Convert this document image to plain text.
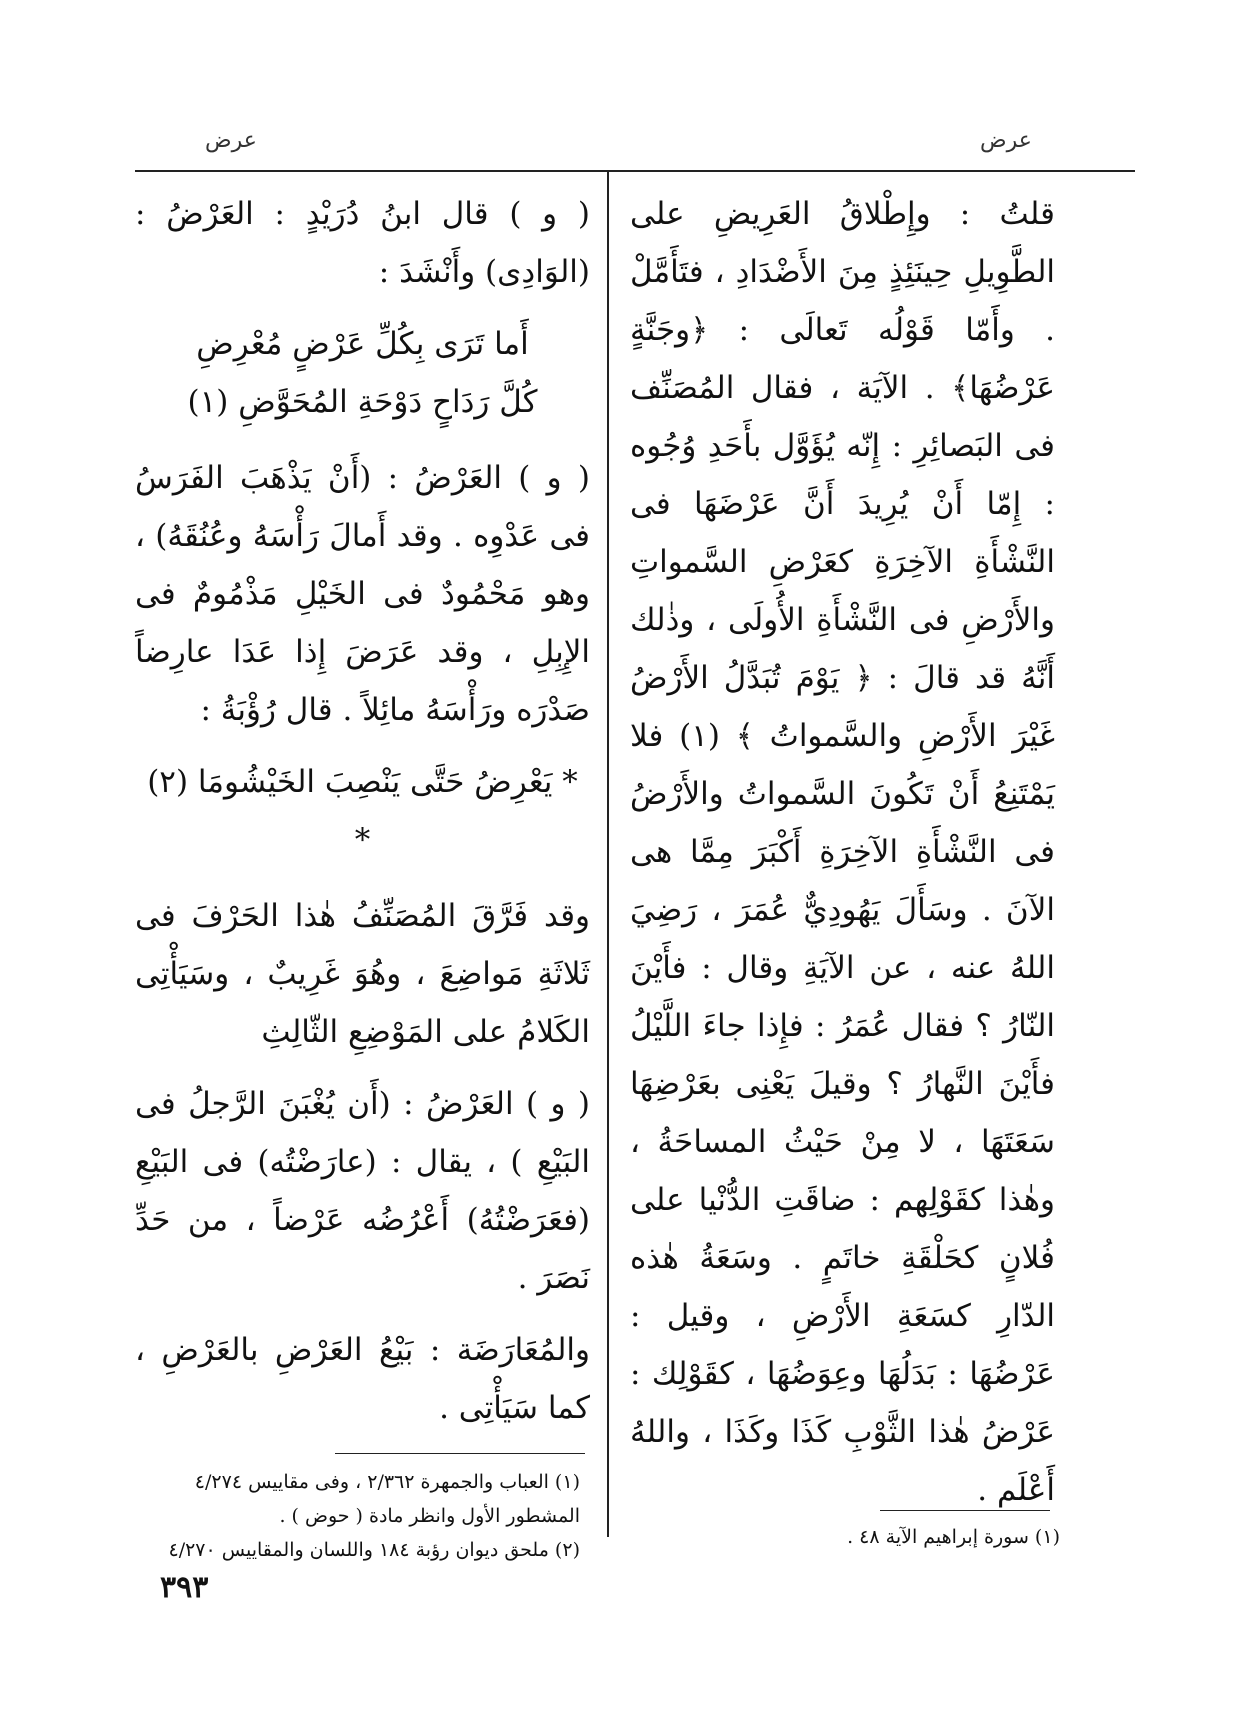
عرض	عرض

قلتُ : وإِطْلاقُ العَرِيضِ على الطَّوِيلِ حِينَئِذٍ مِنَ الأَضْدَادِ ، فتَأَمَّلْ . وأَمّا قَوْلُه تَعالَى : ﴿وجَنَّةٍ عَرْضُهَا﴾ . الآيَة ، فقال المُصَنِّف فى البَصائِرِ : إِنّه يُؤَوَّل بأَحَدِ وُجُوه : إِمّا أَنْ يُرِيدَ أَنَّ عَرْضَهَا فى النَّشْأَةِ الآخِرَةِ كعَرْضِ السَّمواتِ والأَرْضِ فى النَّشْأَةِ الأُولَى ، وذٰلك أَنَّهُ قد قالَ : ﴿ يَوْمَ تُبَدَّلُ الأَرْضُ غَيْرَ الأَرْضِ والسَّمواتُ ﴾ (١) فلا يَمْتَنِعُ أَنْ تَكُونَ السَّمواتُ والأَرْضُ فى النَّشْأَةِ الآخِرَةِ أَكْبَرَ مِمَّا هى الآنَ . وسَأَلَ يَهُودِيٌّ عُمَرَ ، رَضِيَ اللهُ عنه ، عن الآيَةِ وقال : فأَيْنَ النّارُ ؟ فقال عُمَرُ : فإِذا جاءَ اللَّيْلُ فأَيْنَ النَّهارُ ؟ وقيلَ يَعْنِى بعَرْضِهَا سَعَتَهَا ، لا مِنْ حَيْثُ المساحَةُ ، وهٰذا كقَوْلِهم : ضاقَتِ الدُّنْيا على فُلانٍ كحَلْقَةِ خاتَمٍ . وسَعَةُ هٰذه الدّارِ كسَعَةِ الأَرْضِ ، وقيل : عَرْضُهَا : بَدَلُهَا وعِوَضُهَا ، كقَوْلِك : عَرْضُ هٰذا الثَّوْبِ كَذَا وكَذَا ، واللهُ أَعْلَم .

( و ) قال ابنُ دُرَيْدٍ : العَرْضُ : (الوَادِى) وأَنْشَدَ :

أَما تَرَى بِكُلِّ عَرْضٍ مُعْرِضِ
كُلَّ رَدَاحٍ دَوْحَةِ المُحَوَّضِ (١)

( و ) العَرْضُ : (أَنْ يَذْهَبَ الفَرَسُ فى عَدْوِه . وقد أَمالَ رَأْسَهُ وعُنُقَهُ) ، وهو مَحْمُودٌ فى الخَيْلِ مَذْمُومٌ فى الإِبِلِ ، وقد عَرَضَ إِذا عَدَا عارِضاً صَدْرَه ورَأْسَهُ مائِلاً . قال رُؤْبَةُ :

* يَعْرِضُ حَتَّى يَنْصِبَ الخَيْشُومَا (٢) *

وقد فَرَّقَ المُصَنِّفُ هٰذا الحَرْفَ فى ثَلاثَةِ مَواضِعَ ، وهُوَ غَرِيبٌ ، وسَيَأْتِى الكَلامُ على المَوْضِعِ الثّالِثِ

( و ) العَرْضُ : (أَن يُغْبَنَ الرَّجلُ فى البَيْعِ ) ، يقال : (عارَضْتُه) فى البَيْعِ (فعَرَضْتُهُ) أَعْرُضُه عَرْضاً ، من حَدِّ نَصَرَ .

والمُعَارَضَة : بَيْعُ العَرْضِ بالعَرْضِ ، كما سَيَأْتِى .

(١) العباب والجمهرة ٢/٣٦٢ ، وفى مقاييس ٤/٢٧٤ المشطور الأول وانظر مادة ( حوض ) .

(٢) ملحق ديوان رؤبة ١٨٤ واللسان والمقاييس ٤/٢٧٠

(١) سورة إبراهيم الآية ٤٨ .

٣٩٣
